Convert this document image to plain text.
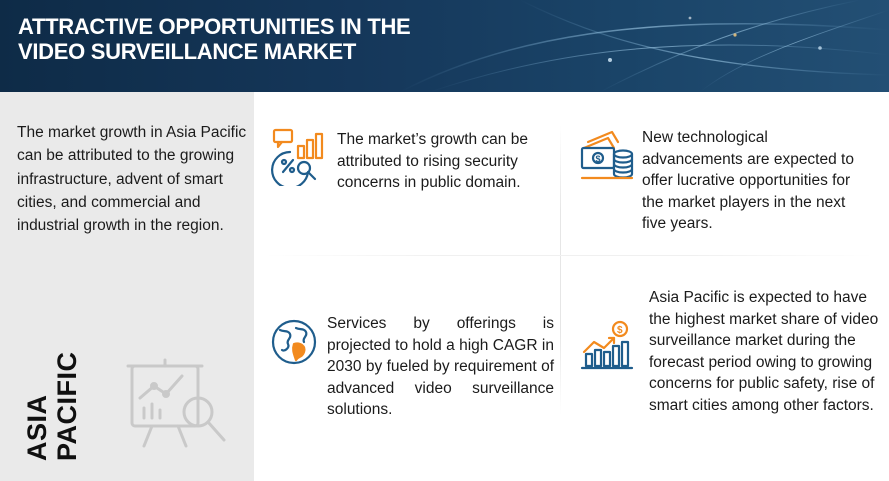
ATTRACTIVE OPPORTUNITIES IN THE VIDEO SURVEILLANCE MARKET
The market growth in Asia Pacific can be attributed to the growing infrastructure, advent of smart cities, and commercial and industrial growth in the region.
ASIA PACIFIC
The market’s growth can be attributed to rising security concerns in public domain.
$
New technological advancements are expected to offer lucrative opportunities for the market players in the next five years.
Services by offerings is projected to hold a high CAGR in 2030 by fueled by requirement of advanced video surveillance solutions.
$
Asia Pacific is expected to have the highest market share of video surveillance market during the forecast period owing to growing concerns for public safety, rise of smart cities among other factors.
